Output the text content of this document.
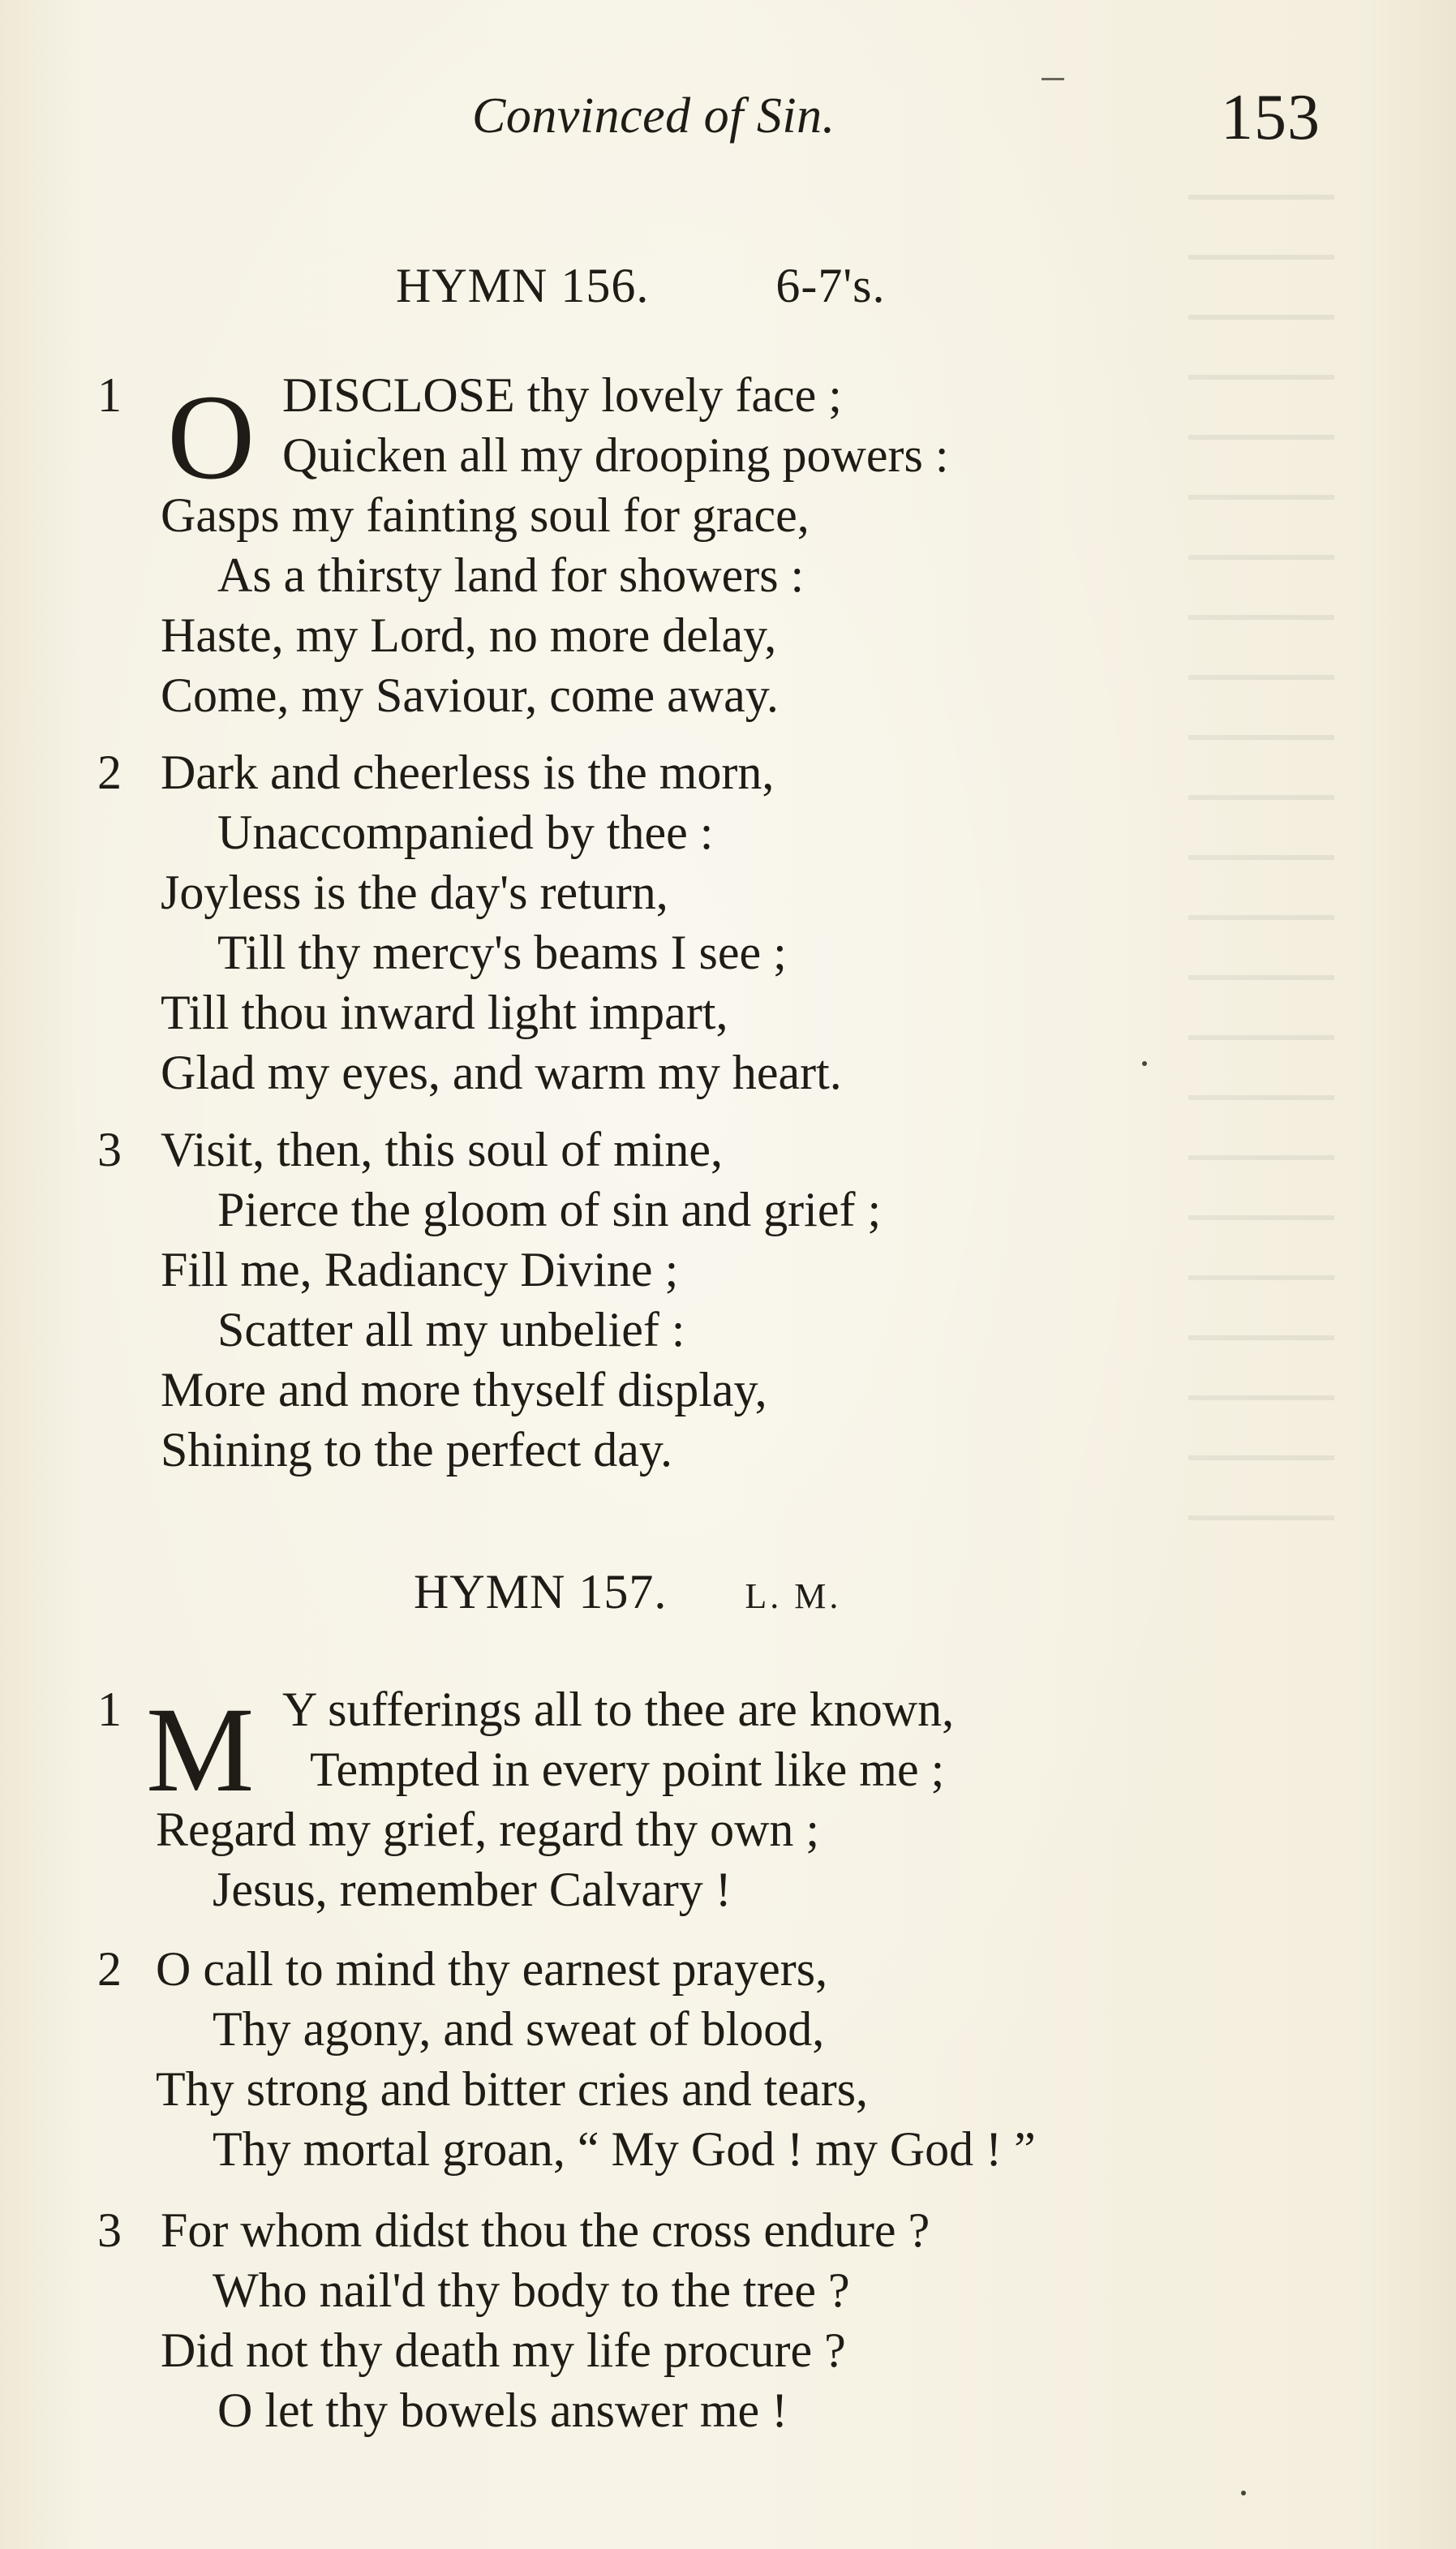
Convinced of Sin.	153
HYMN 156.	6-7's.
1 O DISCLOSE thy lovely face ;
Quicken all my drooping powers :
Gasps my fainting soul for grace,
As a thirsty land for showers :
Haste, my Lord, no more delay,
Come, my Saviour, come away.
2 Dark and cheerless is the morn,
Unaccompanied by thee :
Joyless is the day's return,
Till thy mercy's beams I see ;
Till thou inward light impart,
Glad my eyes, and warm my heart.
3 Visit, then, this soul of mine,
Pierce the gloom of sin and grief ;
Fill me, Radiancy Divine ;
Scatter all my unbelief :
More and more thyself display,
Shining to the perfect day.
HYMN 157. L. M.
1 M Y sufferings all to thee are known,
Tempted in every point like me ;
Regard my grief, regard thy own ;
Jesus, remember Calvary !
2 O call to mind thy earnest prayers,
Thy agony, and sweat of blood,
Thy strong and bitter cries and tears,
Thy mortal groan, “ My God ! my God ! ”
3 For whom didst thou the cross endure ?
Who nail'd thy body to the tree ?
Did not thy death my life procure ?
O let thy bowels answer me !
